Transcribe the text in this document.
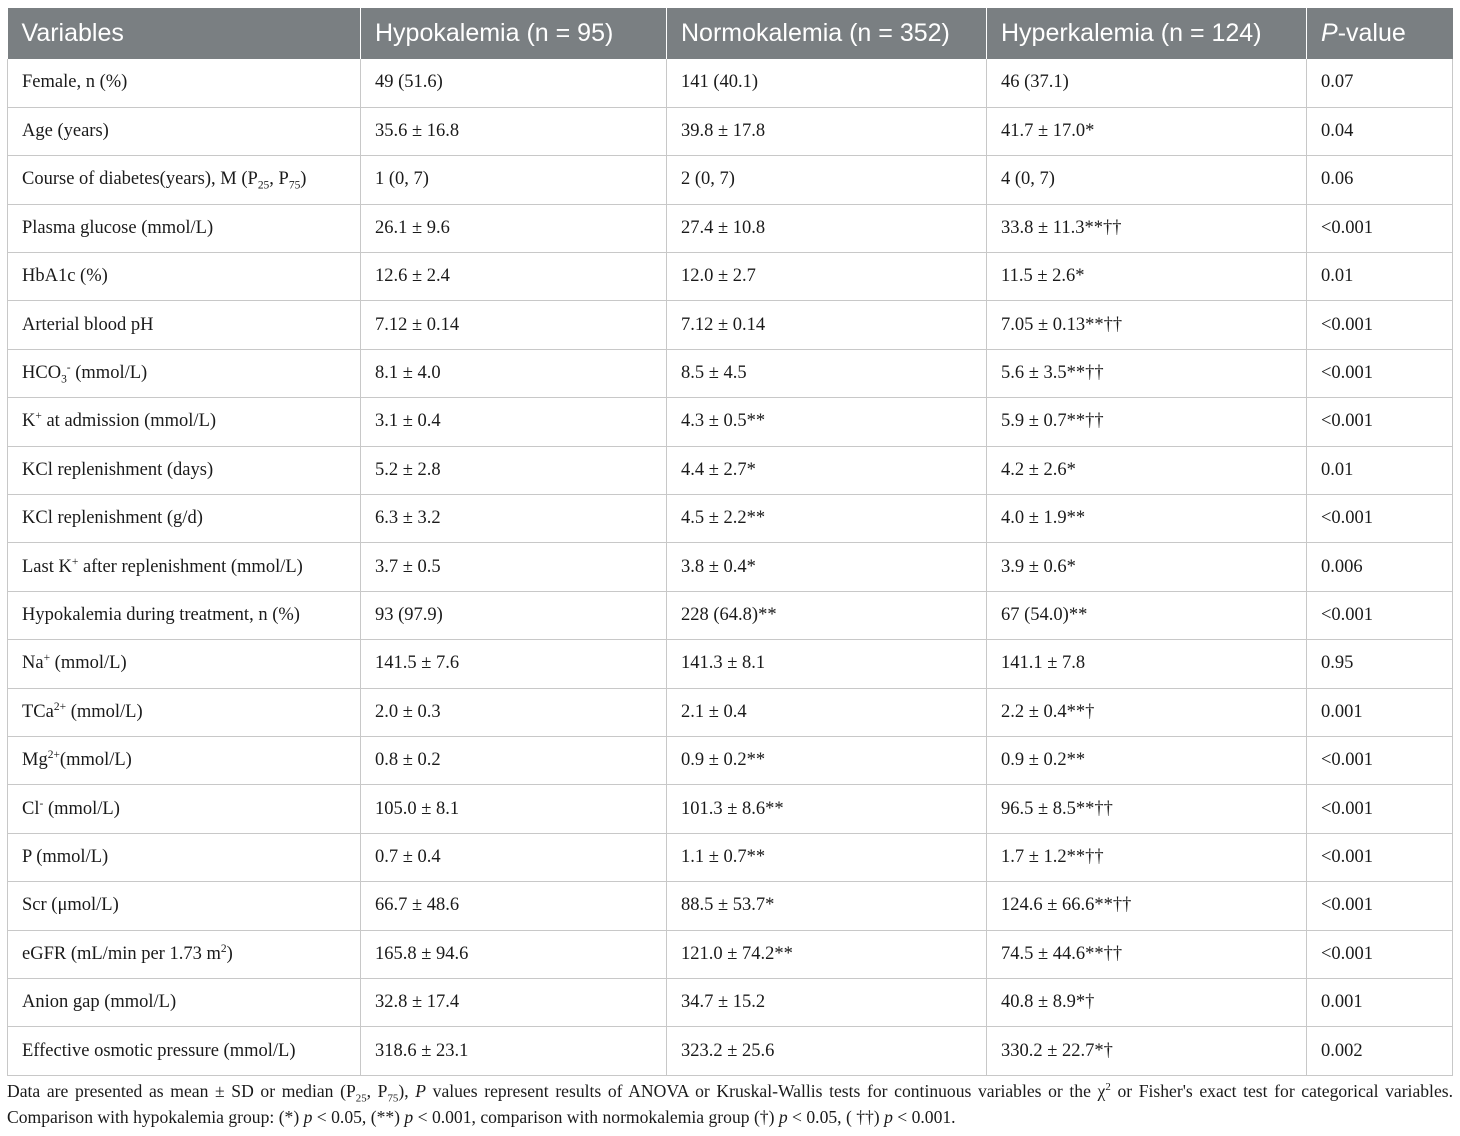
Variables	Hypokalemia (n = 95)	Normokalemia (n = 352)	Hyperkalemia (n = 124)	P-value
Female, n (%)	49 (51.6)	141 (40.1)	46 (37.1)	0.07
Age (years)	35.6 ± 16.8	39.8 ± 17.8	41.7 ± 17.0*	0.04
Course of diabetes(years), M ($P_{25}$, $P_{75}$)	1 (0, 7)	2 (0, 7)	4 (0, 7)	0.06
Plasma glucose (mmol/L)	26.1 ± 9.6	27.4 ± 10.8	33.8 ± 11.3**††	<0.001
HbA1c (%)	12.6 ± 2.4	12.0 ± 2.7	11.5 ± 2.6*	0.01
Arterial blood pH	7.12 ± 0.14	7.12 ± 0.14	7.05 ± 0.13**††	<0.001
$HCO_3^-$ (mmol/L)	8.1 ± 4.0	8.5 ± 4.5	5.6 ± 3.5**††	<0.001
K+ at admission (mmol/L)	3.1 ± 0.4	4.3 ± 0.5**	5.9 ± 0.7**††	<0.001
KCl replenishment (days)	5.2 ± 2.8	4.4 ± 2.7*	4.2 ± 2.6*	0.01
KCl replenishment (g/d)	6.3 ± 3.2	4.5 ± 2.2**	4.0 ± 1.9**	<0.001
Last K+ after replenishment (mmol/L)	3.7 ± 0.5	3.8 ± 0.4*	3.9 ± 0.6*	0.006
Hypokalemia during treatment, n (%)	93 (97.9)	228 (64.8)**	67 (54.0)**	<0.001
Na+ (mmol/L)	141.5 ± 7.6	141.3 ± 8.1	141.1 ± 7.8	0.95
TCa$^{2+}$ (mmol/L)	2.0 ± 0.3	2.1 ± 0.4	2.2 ± 0.4**†	0.001
$Mg^{2+}(mmol/L)$	0.8 ± 0.2	0.9 ± 0.2**	0.9 ± 0.2**	<0.001
Cl- (mmol/L)	105.0 ± 8.1	101.3 ± 8.6**	96.5 ± 8.5**††	<0.001
P (mmol/L)	0.7 ± 0.4	1.1 ± 0.7**	1.7 ± 1.2**††	<0.001
Scr (μmol/L)	66.7 ± 48.6	88.5 ± 53.7*	124.6 ± 66.6**††	<0.001
eGFR (mL/min per 1.73 $m^2$)	165.8 ± 94.6	121.0 ± 74.2**	74.5 ± 44.6**††	<0.001
Anion gap (mmol/L)	32.8 ± 17.4	34.7 ± 15.2	40.8 ± 8.9*†	0.001
Effective osmotic pressure (mmol/L)	318.6 ± 23.1	323.2 ± 25.6	330.2 ± 22.7*†	0.002
Data are presented as mean ± SD or median ($P_{25}$, $P_{75}$), P values represent results of ANOVA or Kruskal-Wallis tests for continuous variables or the $\chi^2$ or Fisher's exact test for categorical variables. Comparison with hypokalemia group: (*) p < 0.05, (**) p < 0.001, comparison with normokalemia group (†) p < 0.05, ( ††) p < 0.001.
